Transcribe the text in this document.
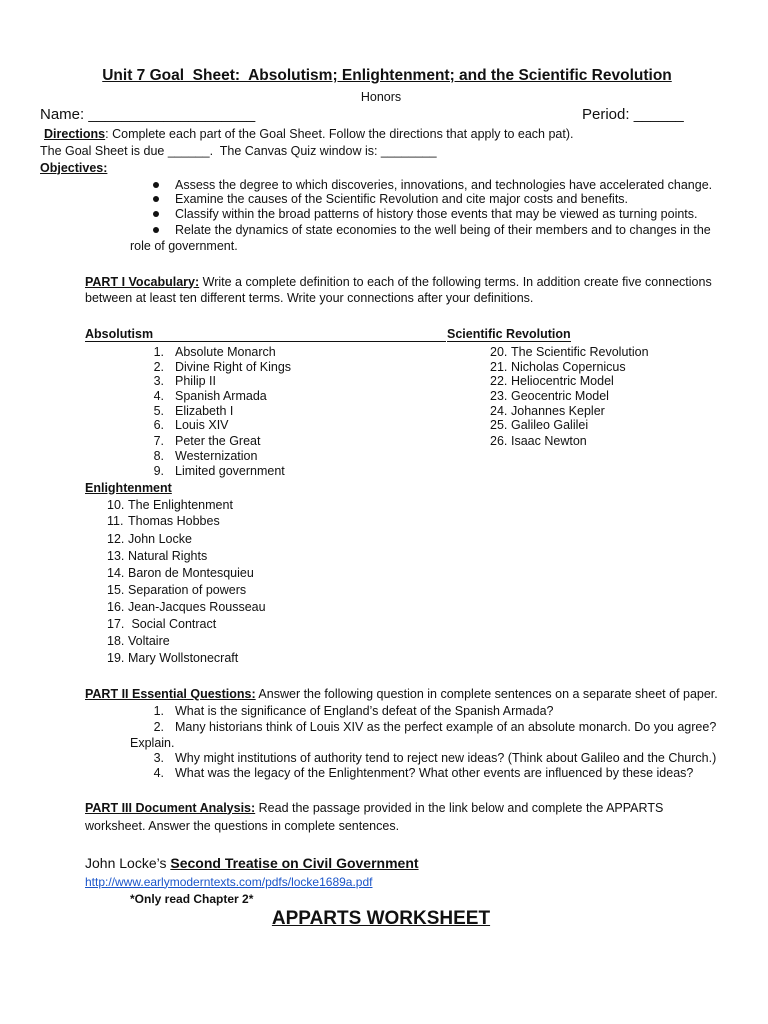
Unit 7 Goal  Sheet:  Absolutism; Enlightenment; and the Scientific Revolution
Honors
Name: ____________________	Period: ______
Directions: Complete each part of the Goal Sheet. Follow the directions that apply to each pat).
The Goal Sheet is due ______.  The Canvas Quiz window is: ________
Objectives:
Assess the degree to which discoveries, innovations, and technologies have accelerated change.
Examine the causes of the Scientific Revolution and cite major costs and benefits.
Classify within the broad patterns of history those events that may be viewed as turning points.
Relate the dynamics of state economies to the well being of their members and to changes in the
role of government.
PART I Vocabulary: Write a complete definition to each of the following terms. In addition create five connections
between at least ten different terms. Write your connections after your definitions.
Absolutism	Scientific Revolution
1. Absolute Monarch
2. Divine Right of Kings
3. Philip II
4. Spanish Armada
5. Elizabeth I
6. Louis XIV
7. Peter the Great
8. Westernization
9. Limited government
20. The Scientific Revolution
21. Nicholas Copernicus
22. Heliocentric Model
23. Geocentric Model
24. Johannes Kepler
25. Galileo Galilei
26. Isaac Newton
Enlightenment
10. The Enlightenment
11. Thomas Hobbes
12. John Locke
13. Natural Rights
14. Baron de Montesquieu
15. Separation of powers
16. Jean-Jacques Rousseau
17. Social Contract
18. Voltaire
19. Mary Wollstonecraft
PART II Essential Questions: Answer the following question in complete sentences on a separate sheet of paper.
1. What is the significance of England’s defeat of the Spanish Armada?
2. Many historians think of Louis XIV as the perfect example of an absolute monarch. Do you agree?
Explain.
3. Why might institutions of authority tend to reject new ideas? (Think about Galileo and the Church.)
4. What was the legacy of the Enlightenment? What other events are influenced by these ideas?
PART III Document Analysis: Read the passage provided in the link below and complete the APPARTS
worksheet. Answer the questions in complete sentences.
John Locke’s Second Treatise on Civil Government
http://www.earlymoderntexts.com/pdfs/locke1689a.pdf
*Only read Chapter 2*
APPARTS WORKSHEET
